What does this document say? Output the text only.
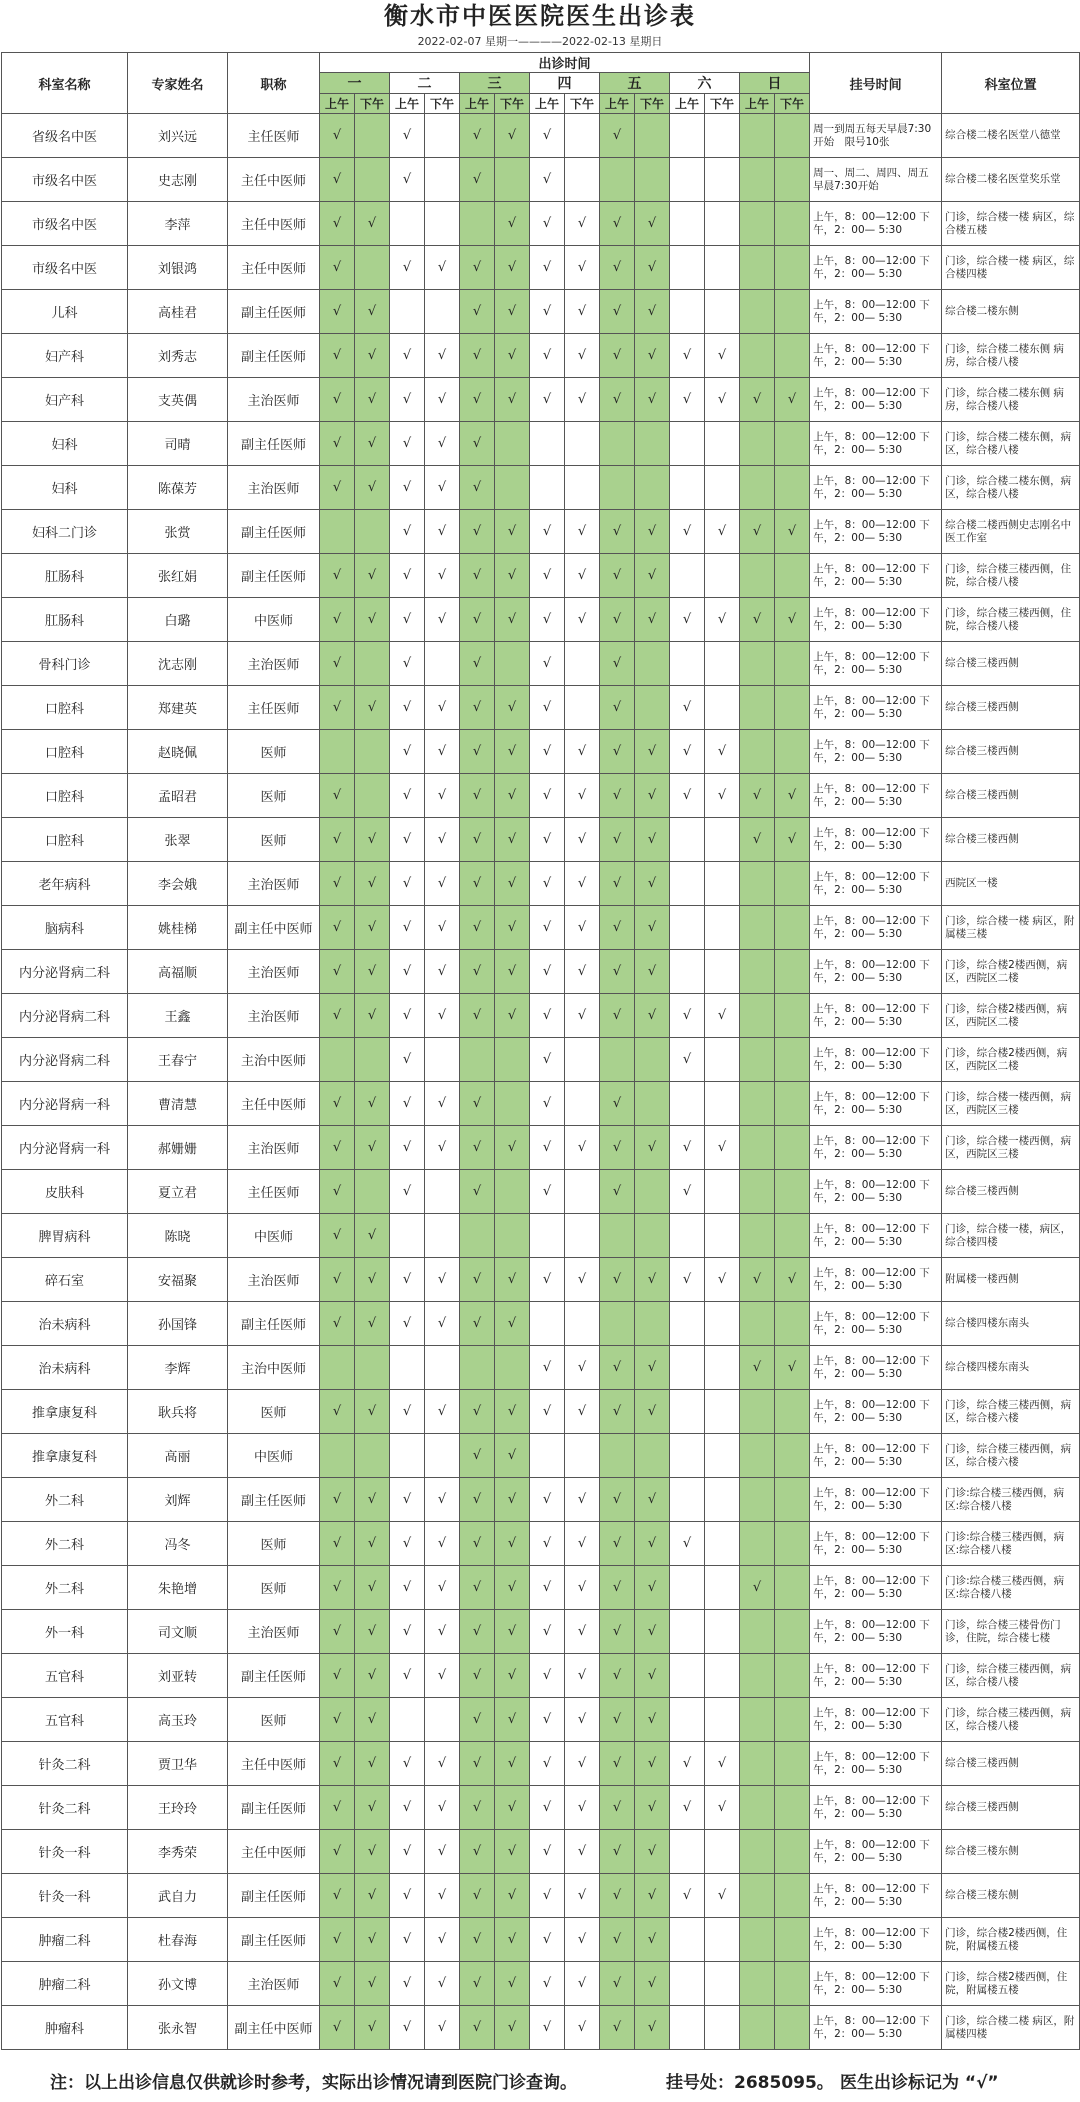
衡水市中医医院医生出诊表
2022-02-07 星期一————2022-02-13 星期日
科室名称	专家姓名	职称	出诊时间														挂号时间	科室位置
			一		二		三		四		五		六		日			
			上午	下午	上午	下午	上午	下午	上午	下午	上午	下午	上午	下午	上午	下午		
省级名中医	刘兴远	主任医师	√		√		√	√	√		√						周一到周五每天早晨7:30开始　限号10张	综合楼二楼名医堂八德堂
市级名中医	史志刚	主任中医师	√		√		√		√								周一、周二、周四、周五 早晨7:30开始	综合楼二楼名医堂奖乐堂
市级名中医	李萍	主任中医师	√	√				√	√	√	√	√					上午，8：00—12:00 下午，2：00— 5:30	门诊，综合楼一楼 病区，综合楼五楼
市级名中医	刘银鸿	主任中医师	√		√	√	√	√	√	√	√	√					上午，8：00—12:00 下午，2：00— 5:30	门诊，综合楼一楼 病区，综合楼四楼
儿科	高桂君	副主任医师	√	√			√	√	√	√	√	√					上午，8：00—12:00 下午，2：00— 5:30	综合楼二楼东侧
妇产科	刘秀志	副主任医师	√	√	√	√	√	√	√	√	√	√	√	√			上午，8：00—12:00 下午，2：00— 5:30	门诊，综合楼二楼东侧 病房，综合楼八楼
妇产科	支英偶	主治医师	√	√	√	√	√	√	√	√	√	√	√	√	√	√	上午，8：00—12:00 下午，2：00— 5:30	门诊，综合楼二楼东侧 病房，综合楼八楼
妇科	司晴	副主任医师	√	√	√	√	√										上午，8：00—12:00 下午，2：00— 5:30	门诊，综合楼二楼东侧，病区，综合楼八楼
妇科	陈葆芳	主治医师	√	√	√	√	√										上午，8：00—12:00 下午，2：00— 5:30	门诊，综合楼二楼东侧，病区，综合楼八楼
妇科二门诊	张赏	副主任医师			√	√	√	√	√	√	√	√	√	√	√	√	上午，8：00—12:00 下午，2：00— 5:30	综合楼二楼西侧史志刚名中医工作室
肛肠科	张红娟	副主任医师	√	√	√	√	√	√	√	√	√	√					上午，8：00—12:00 下午，2：00— 5:30	门诊，综合楼三楼西侧，住院，综合楼八楼
肛肠科	白璐	中医师	√	√	√	√	√	√	√	√	√	√	√	√	√	√	上午，8：00—12:00 下午，2：00— 5:30	门诊，综合楼三楼西侧，住院，综合楼八楼
骨科门诊	沈志刚	主治医师	√		√		√		√		√						上午，8：00—12:00 下午，2：00— 5:30	综合楼三楼西侧
口腔科	郑建英	主任医师	√	√	√	√	√	√	√		√		√				上午，8：00—12:00 下午，2：00— 5:30	综合楼三楼西侧
口腔科	赵晓佩	医师			√	√	√	√	√	√	√	√	√	√			上午，8：00—12:00 下午，2：00— 5:30	综合楼三楼西侧
口腔科	孟昭君	医师	√		√	√	√	√	√	√	√	√	√	√	√	√	上午，8：00—12:00 下午，2：00— 5:30	综合楼三楼西侧
口腔科	张翠	医师	√	√	√	√	√	√	√	√	√	√			√	√	上午，8：00—12:00 下午，2：00— 5:30	综合楼三楼西侧
老年病科	李会娥	主治医师	√	√	√	√	√	√	√	√	√	√					上午，8：00—12:00 下午，2：00— 5:30	西院区一楼
脑病科	姚桂梯	副主任中医师	√	√	√	√	√	√	√	√	√	√					上午，8：00—12:00 下午，2：00— 5:30	门诊，综合楼一楼 病区，附属楼三楼
内分泌肾病二科	高福顺	主治医师	√	√	√	√	√	√	√	√	√	√					上午，8：00—12:00 下午，2：00— 5:30	门诊，综合楼2楼西侧，病区，西院区二楼
内分泌肾病二科	王鑫	主治医师	√	√	√	√	√	√	√	√	√	√	√	√			上午，8：00—12:00 下午，2：00— 5:30	门诊，综合楼2楼西侧，病区，西院区二楼
内分泌肾病二科	王春宁	主治中医师			√				√				√				上午，8：00—12:00 下午，2：00— 5:30	门诊，综合楼2楼西侧，病区，西院区二楼
内分泌肾病一科	曹清慧	主任中医师	√	√	√	√	√		√		√						上午，8：00—12:00 下午，2：00— 5:30	门诊，综合楼一楼西侧，病区，西院区三楼
内分泌肾病一科	郝姗姗	主治医师	√	√	√	√	√	√	√	√	√	√	√	√			上午，8：00—12:00 下午，2：00— 5:30	门诊，综合楼一楼西侧，病区，西院区三楼
皮肤科	夏立君	主任医师	√		√		√		√		√		√				上午，8：00—12:00 下午，2：00— 5:30	综合楼三楼西侧
脾胃病科	陈晓	中医师	√	√													上午，8：00—12:00 下午，2：00— 5:30	门诊，综合楼一楼，病区，综合楼四楼
碎石室	安福聚	主治医师	√	√	√	√	√	√	√	√	√	√	√	√	√	√	上午，8：00—12:00 下午，2：00— 5:30	附属楼一楼西侧
治未病科	孙国锋	副主任医师	√	√	√	√	√	√									上午，8：00—12:00 下午，2：00— 5:30	综合楼四楼东南头
治未病科	李辉	主治中医师							√	√	√	√			√	√	上午，8：00—12:00 下午，2：00— 5:30	综合楼四楼东南头
推拿康复科	耿兵将	医师	√	√	√	√	√	√	√	√	√	√					上午，8：00—12:00 下午，2：00— 5:30	门诊，综合楼三楼西侧，病区，综合楼六楼
推拿康复科	高丽	中医师					√	√									上午，8：00—12:00 下午，2：00— 5:30	门诊，综合楼三楼西侧，病区，综合楼六楼
外二科	刘辉	副主任医师	√	√	√	√	√	√	√	√	√	√					上午，8：00—12:00 下午，2：00— 5:30	门诊:综合楼三楼西侧，病区:综合楼八楼
外二科	冯冬	医师	√	√	√	√	√	√	√	√	√	√	√				上午，8：00—12:00 下午，2：00— 5:30	门诊:综合楼三楼西侧，病区:综合楼八楼
外二科	朱艳增	医师	√	√	√	√	√	√	√	√	√	√			√		上午，8：00—12:00 下午，2：00— 5:30	门诊:综合楼三楼西侧，病区:综合楼八楼
外一科	司文顺	主治医师	√	√	√	√	√	√	√	√	√	√					上午，8：00—12:00 下午，2：00— 5:30	门诊，综合楼三楼骨伤门诊，住院，综合楼七楼
五官科	刘亚转	副主任医师	√	√	√	√	√	√	√	√	√	√					上午，8：00—12:00 下午，2：00— 5:30	门诊，综合楼三楼西侧，病区，综合楼八楼
五官科	高玉玲	医师	√	√			√	√	√	√	√	√					上午，8：00—12:00 下午，2：00— 5:30	门诊，综合楼三楼西侧，病区，综合楼八楼
针灸二科	贾卫华	主任中医师	√	√	√	√	√	√	√	√	√	√	√	√			上午，8：00—12:00 下午，2：00— 5:30	综合楼三楼西侧
针灸二科	王玲玲	副主任医师	√	√	√	√	√	√	√	√	√	√	√	√			上午，8：00—12:00 下午，2：00— 5:30	综合楼三楼西侧
针灸一科	李秀荣	主任中医师	√	√	√	√	√	√	√	√	√	√					上午，8：00—12:00 下午，2：00— 5:30	综合楼三楼东侧
针灸一科	武自力	副主任医师	√	√	√	√	√	√	√	√	√	√	√	√			上午，8：00—12:00 下午，2：00— 5:30	综合楼三楼东侧
肿瘤二科	杜春海	副主任医师	√	√	√	√	√	√	√	√	√	√					上午，8：00—12:00 下午，2：00— 5:30	门诊，综合楼2楼西侧，住院，附属楼五楼
肿瘤二科	孙文博	主治医师	√	√	√	√	√	√	√	√	√	√					上午，8：00—12:00 下午，2：00— 5:30	门诊，综合楼2楼西侧，住院，附属楼五楼
肿瘤科	张永智	副主任中医师	√	√	√	√	√	√	√	√	√	√					上午，8：00—12:00 下午，2：00— 5:30	门诊，综合楼二楼 病区，附属楼四楼
注：以上出诊信息仅供就诊时参考，实际出诊情况请到医院门诊查询。	挂号处：2685095。 医生出诊标记为 “√”
